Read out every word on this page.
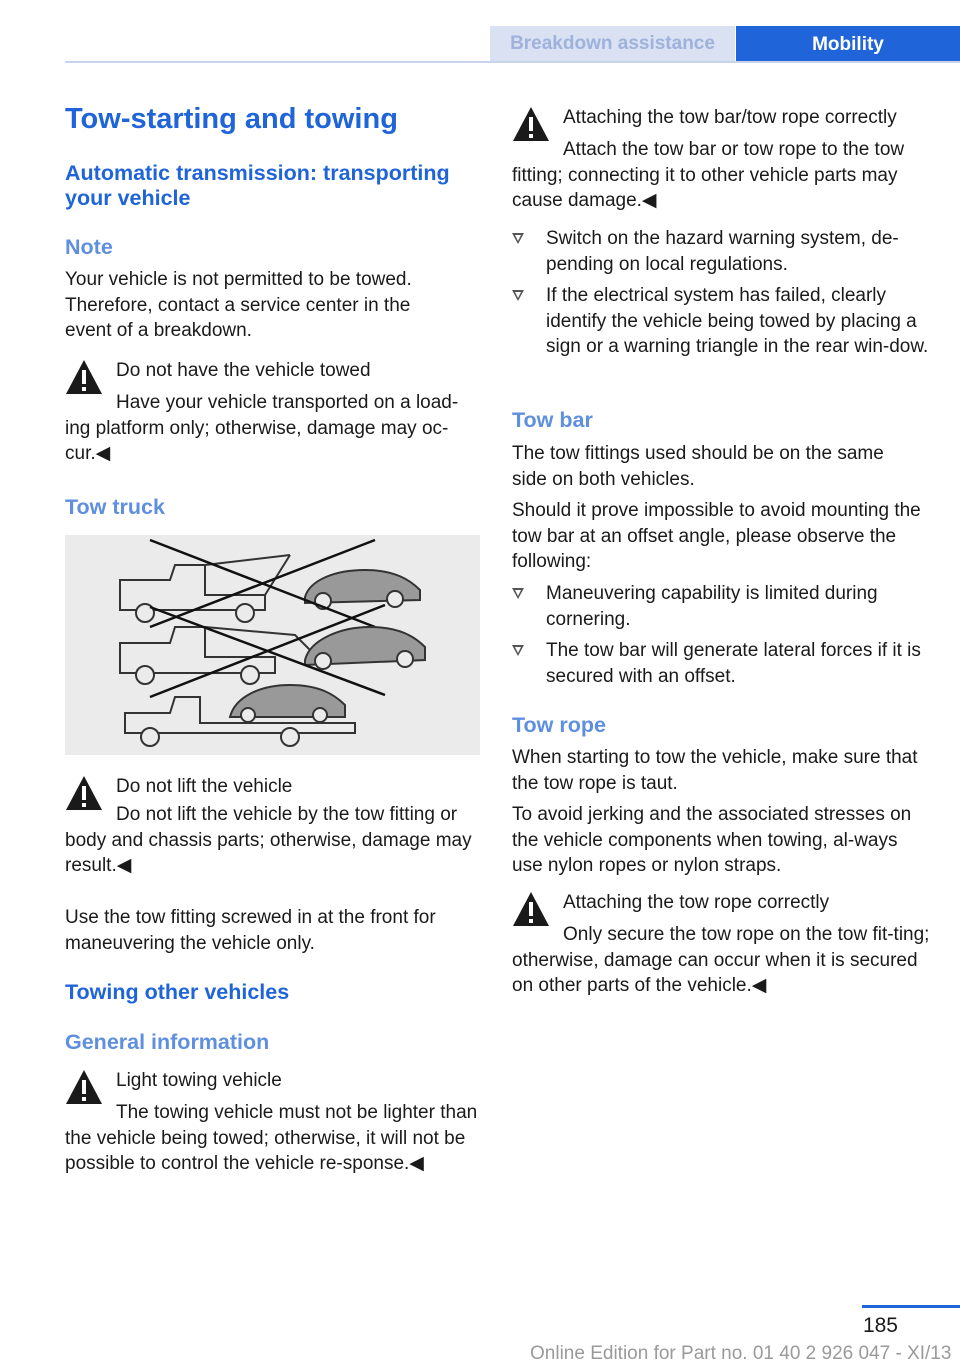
Breakdown assistance	Mobility
Tow-starting and towing
Automatic transmission: transporting your vehicle
Note

Your vehicle is not permitted to be towed. Therefore, contact a service center in the event of a breakdown.

Do not have the vehicle towed

Have your vehicle transported on a load-ing platform only; otherwise, damage may oc-cur.◀

Tow truck
Do not lift the vehicle

Do not lift the vehicle by the tow fitting or body and chassis parts; otherwise, damage may result.◀

Use the tow fitting screwed in at the front for maneuvering the vehicle only.

Towing other vehicles
General information
Light towing vehicle

The towing vehicle must not be lighter than the vehicle being towed; otherwise, it will not be possible to control the vehicle re-sponse.◀

Attaching the tow bar/tow rope correctly

Attach the tow bar or tow rope to the tow fitting; connecting it to other vehicle parts may cause damage.◀

Switch on the hazard warning system, de-pending on local regulations.
If the electrical system has failed, clearly identify the vehicle being towed by placing a sign or a warning triangle in the rear win-dow.
Tow bar

The tow fittings used should be on the same side on both vehicles.

Should it prove impossible to avoid mounting the tow bar at an offset angle, please observe the following:

Maneuvering capability is limited during cornering.
The tow bar will generate lateral forces if it is secured with an offset.
Tow rope

When starting to tow the vehicle, make sure that the tow rope is taut.

To avoid jerking and the associated stresses on the vehicle components when towing, al-ways use nylon ropes or nylon straps.

Attaching the tow rope correctly

Only secure the tow rope on the tow fit-ting; otherwise, damage can occur when it is secured on other parts of the vehicle.◀

185
Online Edition for Part no. 01 40 2 926 047 - XI/13
